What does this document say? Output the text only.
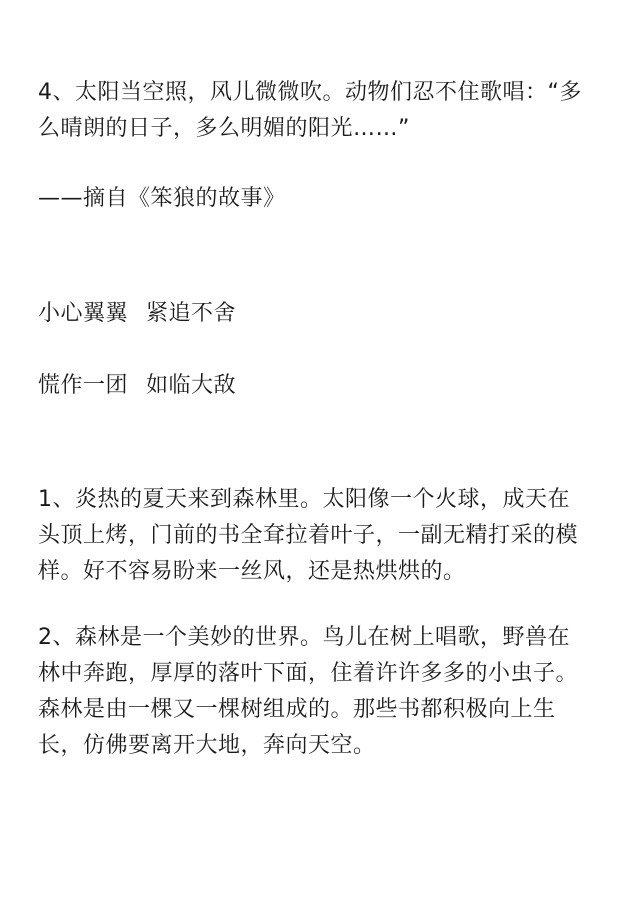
4、太阳当空照，风儿微微吹。动物们忍不住歌唱：“多
么晴朗的日子，多么明媚的阳光……”
——摘自《笨狼的故事》
小心翼翼 紧追不舍
慌作一团 如临大敌
1、炎热的夏天来到森林里。太阳像一个火球，成天在
头顶上烤，门前的书全耷拉着叶子，一副无精打采的模
样。好不容易盼来一丝风，还是热烘烘的。
2、森林是一个美妙的世界。鸟儿在树上唱歌，野兽在
林中奔跑，厚厚的落叶下面，住着许许多多的小虫子。
森林是由一棵又一棵树组成的。那些书都积极向上生
长，仿佛要离开大地，奔向天空。
